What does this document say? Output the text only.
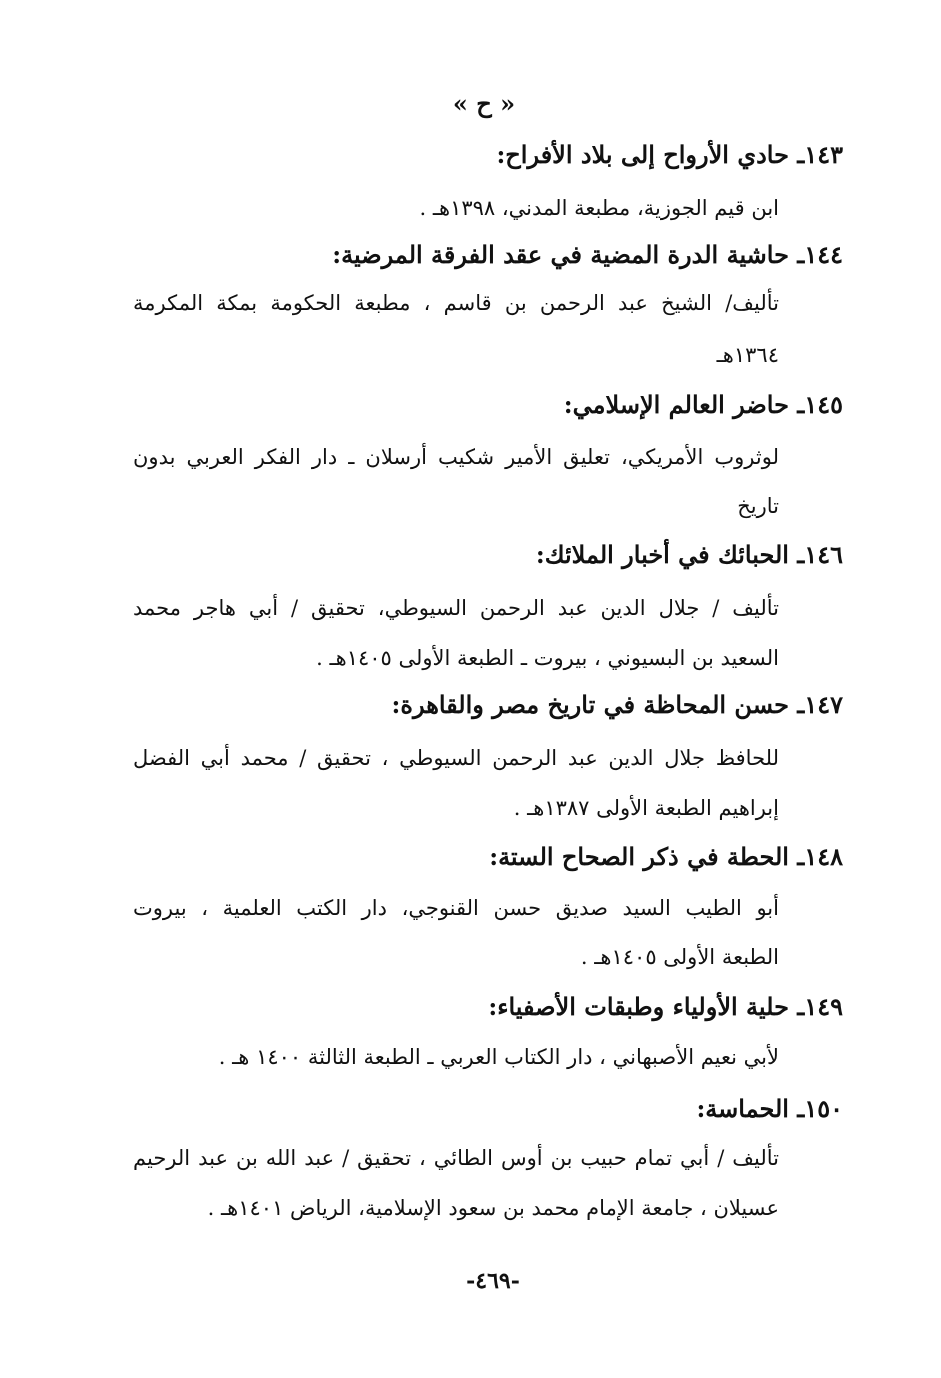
« ح »
١٤٣ـ حادي الأرواح إلى بلاد الأفراح:
ابن قيم الجوزية، مطبعة المدني، ١٣٩٨هـ .
١٤٤ـ حاشية الدرة المضية في عقد الفرقة المرضية:
تأليف/ الشيخ عبد الرحمن بن قاسم ، مطبعة الحكومة بمكة المكرمة
١٣٦٤هـ
١٤٥ـ حاضر العالم الإسلامي:
لوثروب الأمريكي، تعليق الأمير شكيب أرسلان ـ دار الفكر العربي بدون
تاريخ
١٤٦ـ الحبائك في أخبار الملائك:
تأليف / جلال الدين عبد الرحمن السيوطي، تحقيق / أبي هاجر محمد
السعيد بن البسيوني ، بيروت ـ الطبعة الأولى ١٤٠٥هـ .
١٤٧ـ حسن المحاظة في تاريخ مصر والقاهرة:
للحافظ جلال الدين عبد الرحمن السيوطي ، تحقيق / محمد أبي الفضل
إبراهيم الطبعة الأولى ١٣٨٧هـ .
١٤٨ـ الحطة في ذكر الصحاح الستة:
أبو الطيب السيد صديق حسن القنوجي، دار الكتب العلمية ، بيروت
الطبعة الأولى ١٤٠٥هـ .
١٤٩ـ حلية الأولياء وطبقات الأصفياء:
لأبي نعيم الأصبهاني ، دار الكتاب العربي ـ الطبعة الثالثة ١٤٠٠ هـ .
١٥٠ـ الحماسة:
تأليف / أبي تمام حبيب بن أوس الطائي ، تحقيق / عبد الله بن عبد الرحيم
عسيلان ، جامعة الإمام محمد بن سعود الإسلامية، الرياض ١٤٠١هـ .
-٤٦٩-
